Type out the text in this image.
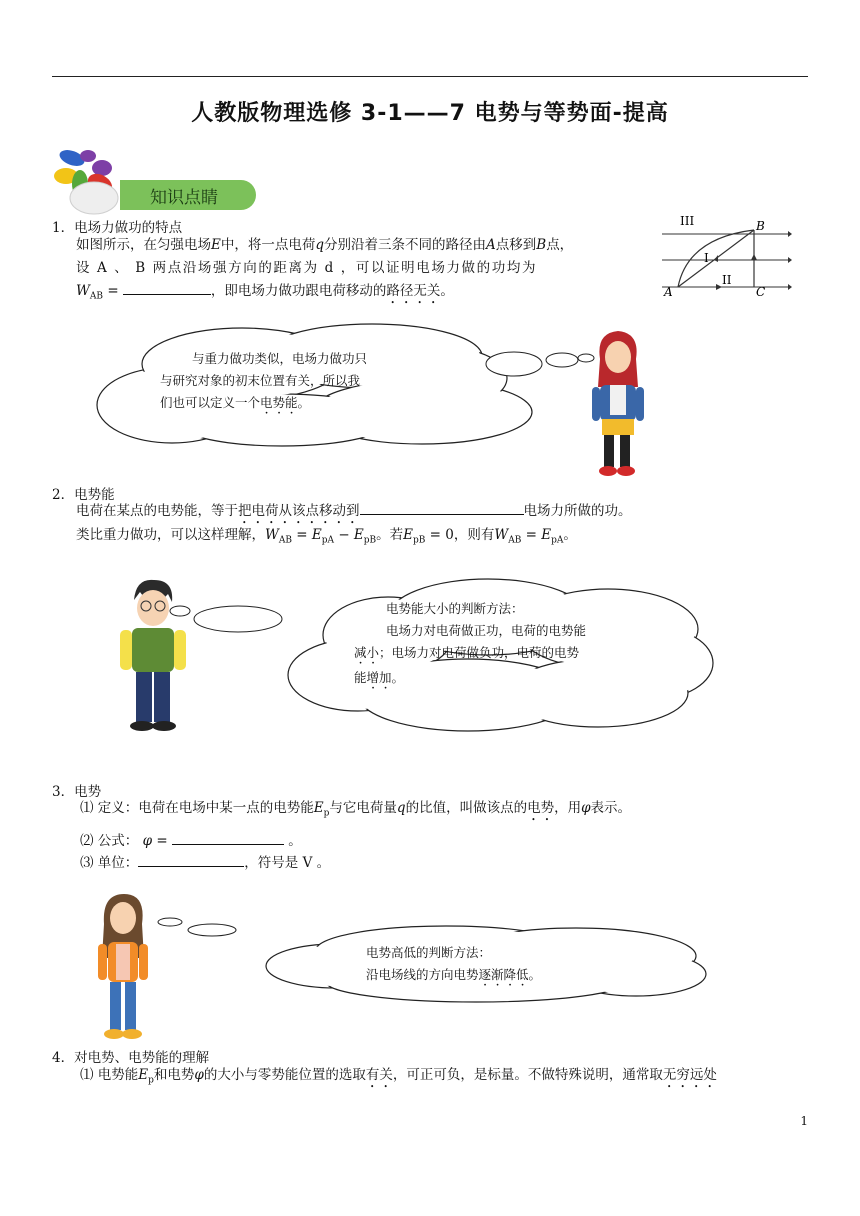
人教版物理选修 3-1——7 电势与等势面-提高
知识点睛
1．电场力做功的特点
如图所示，在匀强电场E中，将一点电荷q分别沿着三条不同的路径由A点移到B点，
设 A 、 B 两点沿场强方向的距离为 d ，可以证明电场力做的功均为
$W_{AB}$ =	，即电场力做功跟电荷移动的路径无关。
III
I
II
A
B
C
与重力做功类似，电场力做功只
与研究对象的初末位置有关，所以我
们也可以定义一个电势能。
2．电势能
电荷在某点的电势能，等于把电荷从该点移动到	电场力所做的功。
类比重力做功，可以这样理解，$W_{AB} = E_{pA} - E_{pB}$。若$E_{pB} = 0$，则有$W_{AB} = E_{pA}$。
电势能大小的判断方法：
电场力对电荷做正功，电荷的电势能
减小；电场力对电荷做负功，电荷的电势
能增加。
3．电势
⑴ 定义：电荷在电场中某一点的电势能$E_p$与它电荷量q的比值，叫做该点的电势，用φ表示。
⑵ 公式： φ =	。
⑶ 单位：	，符号是 V 。
电势高低的判断方法：
沿电场线的方向电势逐渐降低。
4．对电势、电势能的理解
⑴ 电势能$E_p$和电势φ的大小与零势能位置的选取有关，可正可负，是标量。不做特殊说明，通常取无穷远处
1
